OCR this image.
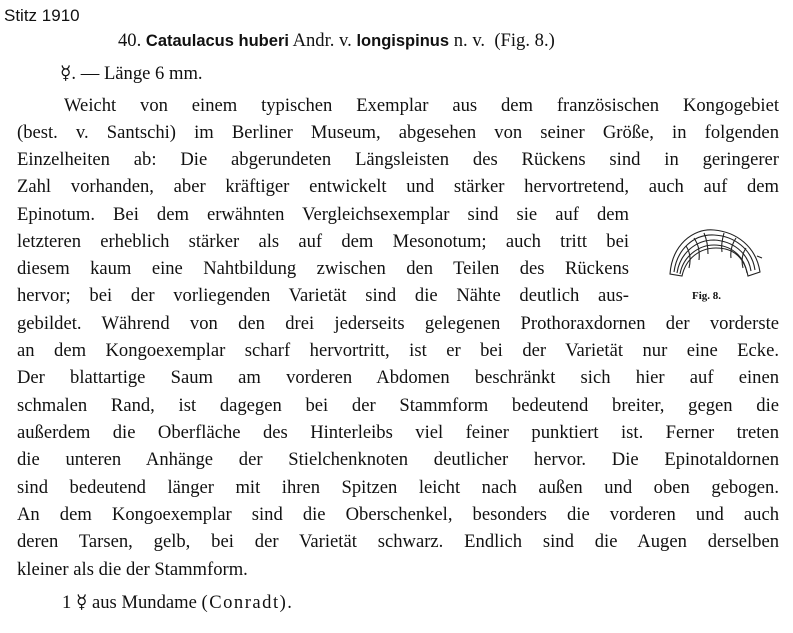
Stitz 1910
40. Cataulacus huberi Andr. v. longispinus n. v. (Fig. 8.)
☿. — Länge 6 mm.
Weicht von einem typischen Exemplar aus dem französischen Kongogebiet
(best. v. Santschi) im Berliner Museum, abgesehen von seiner Größe, in folgenden
Einzelheiten ab: Die abgerundeten Längsleisten des Rückens sind in geringerer
Zahl vorhanden, aber kräftiger entwickelt und stärker hervortretend, auch auf dem
Epinotum. Bei dem erwähnten Vergleichsexemplar sind sie auf dem
letzteren erheblich stärker als auf dem Mesonotum; auch tritt bei
diesem kaum eine Nahtbildung zwischen den Teilen des Rückens
hervor; bei der vorliegenden Varietät sind die Nähte deutlich aus-
gebildet. Während von den drei jederseits gelegenen Prothoraxdornen der vorderste
an dem Kongoexemplar scharf hervortritt, ist er bei der Varietät nur eine Ecke.
Der blattartige Saum am vorderen Abdomen beschränkt sich hier auf einen
schmalen Rand, ist dagegen bei der Stammform bedeutend breiter, gegen die
außerdem die Oberfläche des Hinterleibs viel feiner punktiert ist. Ferner treten
die unteren Anhänge der Stielchenknoten deutlicher hervor. Die Epinotaldornen
sind bedeutend länger mit ihren Spitzen leicht nach außen und oben gebogen.
An dem Kongoexemplar sind die Oberschenkel, besonders die vorderen und auch
deren Tarsen, gelb, bei der Varietät schwarz. Endlich sind die Augen derselben
kleiner als die der Stammform.
1 ☿ aus Mundame (Conradt).
Fig. 8.
